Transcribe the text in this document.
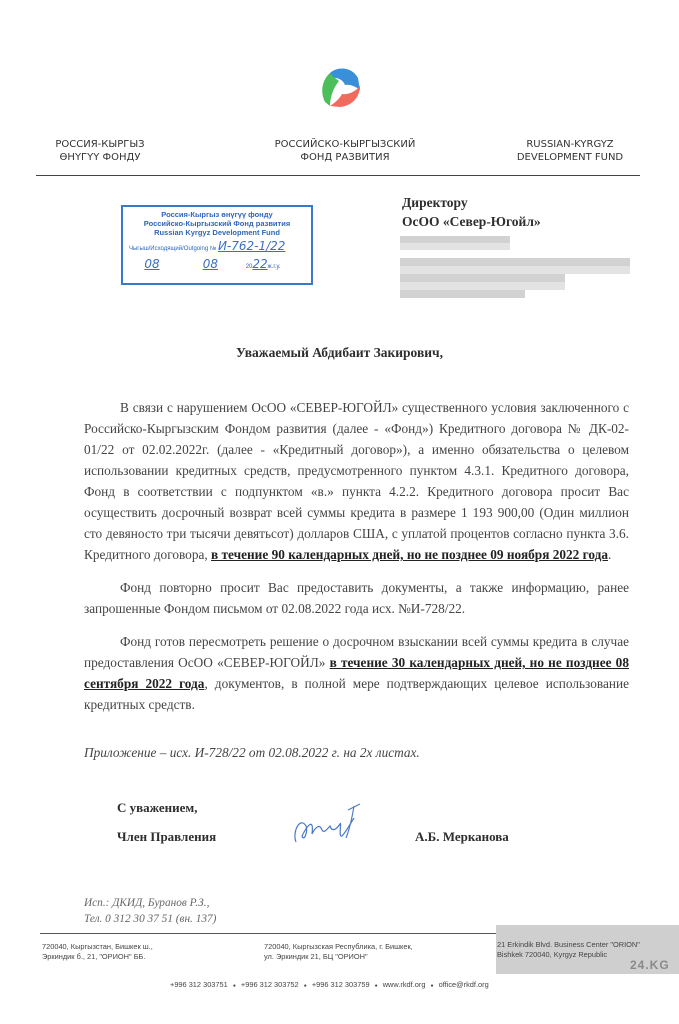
РОССИЯ-КЫРГЫЗ
ӨНҮГҮҮ ФОНДУ
РОССИЙСКО-КЫРГЫЗСКИЙ
ФОНД РАЗВИТИЯ
RUSSIAN-KYRGYZ
DEVELOPMENT FUND
Россия-Кыргыз өнүгүү фонду
Российско-Кыргызский Фонд развития
Russian Kyrgyz Development Fund
Чыгыш/Исходящий/Outgoing № И-762-1/22
08	08	2022ж.г.у.
Директору
ОсОО «Север-Югойл»
Уважаемый Абдибаит Закирович,
В связи с нарушением ОсОО «СЕВЕР-ЮГОЙЛ» существенного условия заключенного с Российско-Кыргызским Фондом развития (далее - «Фонд») Кредитного договора № ДК-02-01/22 от 02.02.2022г. (далее - «Кредитный договор»), а именно обязательства о целевом использовании кредитных средств, предусмотренного пунктом 4.3.1. Кредитного договора, Фонд в соответствии с подпунктом «в.» пункта 4.2.2. Кредитного договора просит Вас осуществить досрочный возврат всей суммы кредита в размере 1 193 900,00 (Один миллион сто девяносто три тысячи девятьсот) долларов США, с уплатой процентов согласно пункта 3.6. Кредитного договора, в течение 90 календарных дней, но не позднее 09 ноября 2022 года.
Фонд повторно просит Вас предоставить документы, а также информацию, ранее запрошенные Фондом письмом от 02.08.2022 года исх. №И-728/22.
Фонд готов пересмотреть решение о досрочном взыскании всей суммы кредита в случае предоставления ОсОО «СЕВЕР-ЮГОЙЛ» в течение 30 календарных дней, но не позднее 08 сентября 2022 года, документов, в полной мере подтверждающих целевое использование кредитных средств.
Приложение – исх. И-728/22 от 02.08.2022 г. на 2х листах.
С уважением,
Член Правления	А.Б. Мерканова
Исп.: ДКИД, Буранов Р.З.,
Тел. 0 312 30 37 51 (вн. 137)
720040, Кыргызстан, Бишкек ш.,
Эркиндик б., 21, "ОРИОН" ББ.
720040, Кыргызская Республика, г. Бишкек,
ул. Эркиндик 21, БЦ "ОРИОН"
21 Erkindik Blvd. Business Center "ORION"
Bishkek 720040, Kyrgyz Republic
24.KG
+996 312 303751 ● +996 312 303752 ● +996 312 303759 ● www.rkdf.org ● office@rkdf.org
